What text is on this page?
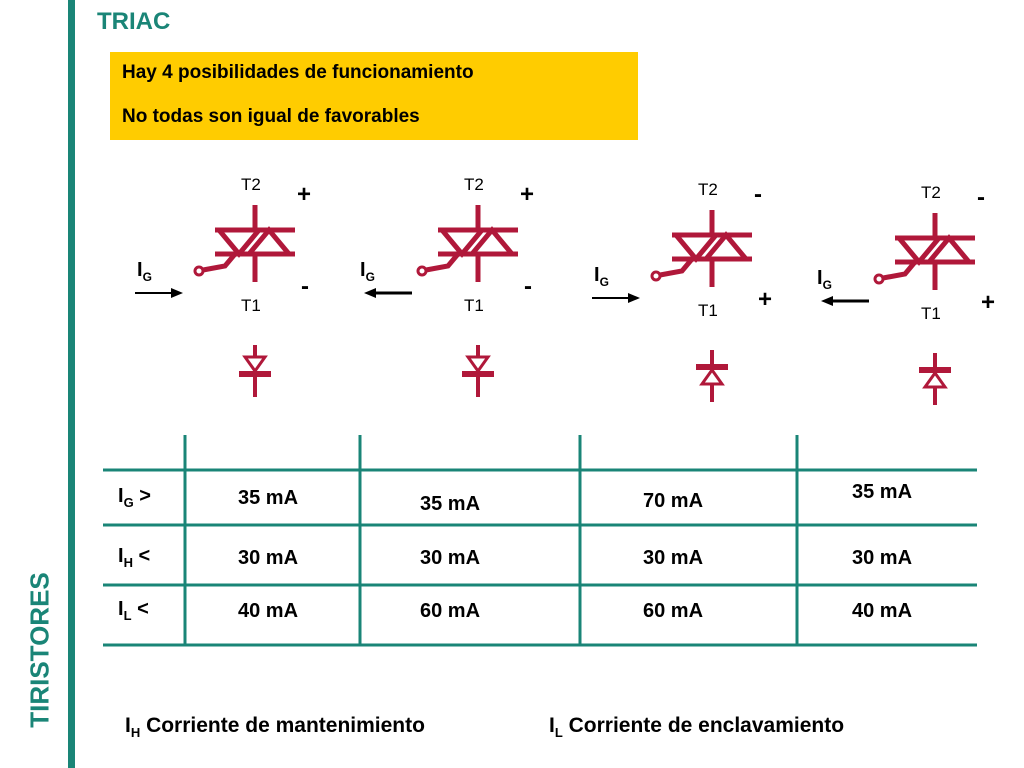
TIRISTORES
TRIAC
Hay 4 posibilidades de funcionamiento
No todas son igual de favorables
T2
T1
+
-
$I_G$
T2
T1
+
-
$I_G$
T2
T1
-
+
$I_G$
T2
T1
-
+
$I_G$
$I_G$ >	35 mA	35 mA	70 mA	35 mA
$I_H$ <	30 mA	30 mA	30 mA	30 mA
$I_L$ <	40 mA	60 mA	60 mA	40 mA
$I_H$ Corriente de mantenimiento	$I_L$ Corriente de enclavamiento
